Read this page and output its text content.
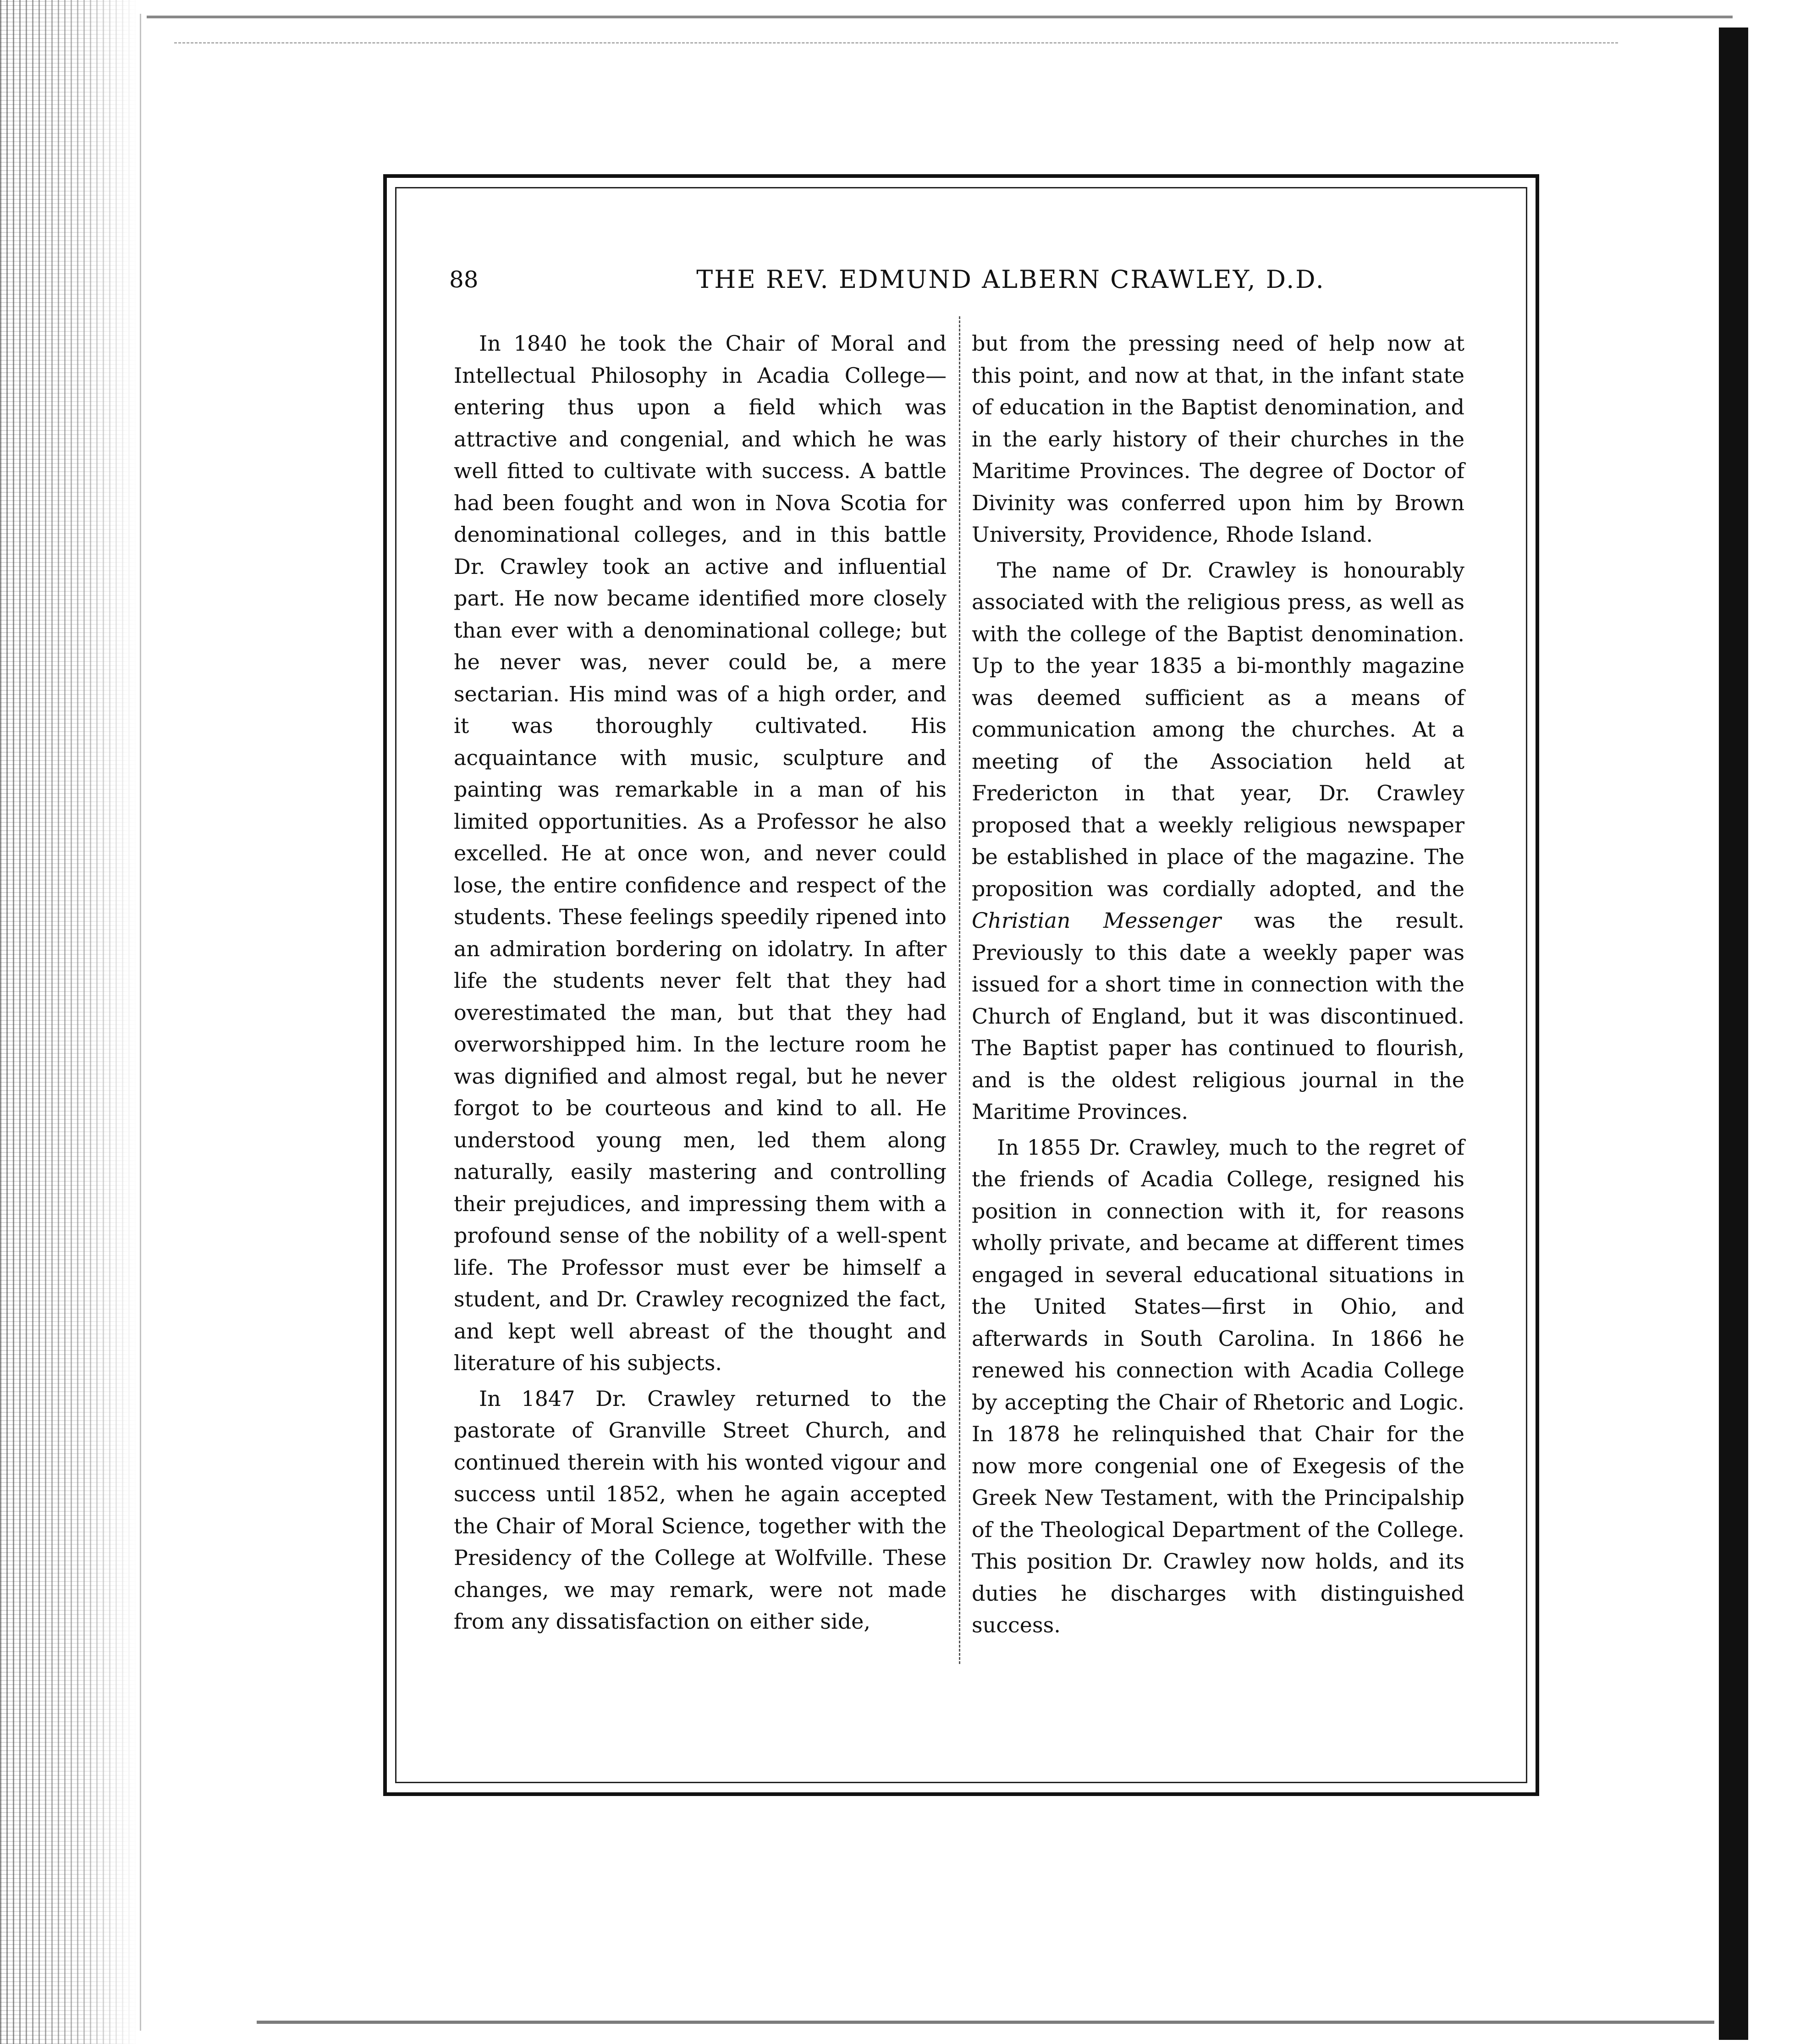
88	THE REV. EDMUND ALBERN CRAWLEY, D.D.

In 1840 he took the Chair of Moral and Intellectual Philosophy in Acadia College—entering thus upon a field which was attractive and congenial, and which he was well fitted to cultivate with success. A battle had been fought and won in Nova Scotia for denominational colleges, and in this battle Dr. Crawley took an active and influential part. He now became identified more closely than ever with a denominational college; but he never was, never could be, a mere sectarian. His mind was of a high order, and it was thoroughly cultivated. His acquaintance with music, sculpture and painting was remarkable in a man of his limited opportunities. As a Professor he also excelled. He at once won, and never could lose, the entire confidence and respect of the students. These feelings speedily ripened into an admiration bordering on idolatry. In after life the students never felt that they had overestimated the man, but that they had overworshipped him. In the lecture room he was dignified and almost regal, but he never forgot to be courteous and kind to all. He understood young men, led them along naturally, easily mastering and controlling their prejudices, and impressing them with a profound sense of the nobility of a well-spent life. The Professor must ever be himself a student, and Dr. Crawley recognized the fact, and kept well abreast of the thought and literature of his subjects.

In 1847 Dr. Crawley returned to the pastorate of Granville Street Church, and continued therein with his wonted vigour and success until 1852, when he again accepted the Chair of Moral Science, together with the Presidency of the College at Wolfville. These changes, we may remark, were not made from any dissatisfaction on either side,

but from the pressing need of help now at this point, and now at that, in the infant state of education in the Baptist denomination, and in the early history of their churches in the Maritime Provinces. The degree of Doctor of Divinity was conferred upon him by Brown University, Providence, Rhode Island.

The name of Dr. Crawley is honourably associated with the religious press, as well as with the college of the Baptist denomination. Up to the year 1835 a bi-monthly magazine was deemed sufficient as a means of communication among the churches. At a meeting of the Association held at Fredericton in that year, Dr. Crawley proposed that a weekly religious newspaper be established in place of the magazine. The proposition was cordially adopted, and the Christian Messenger was the result. Previously to this date a weekly paper was issued for a short time in connection with the Church of England, but it was discontinued. The Baptist paper has continued to flourish, and is the oldest religious journal in the Maritime Provinces.

In 1855 Dr. Crawley, much to the regret of the friends of Acadia College, resigned his position in connection with it, for reasons wholly private, and became at different times engaged in several educational situations in the United States—first in Ohio, and afterwards in South Carolina. In 1866 he renewed his connection with Acadia College by accepting the Chair of Rhetoric and Logic. In 1878 he relinquished that Chair for the now more congenial one of Exegesis of the Greek New Testament, with the Principalship of the Theological Department of the College. This position Dr. Crawley now holds, and its duties he discharges with distinguished success.
